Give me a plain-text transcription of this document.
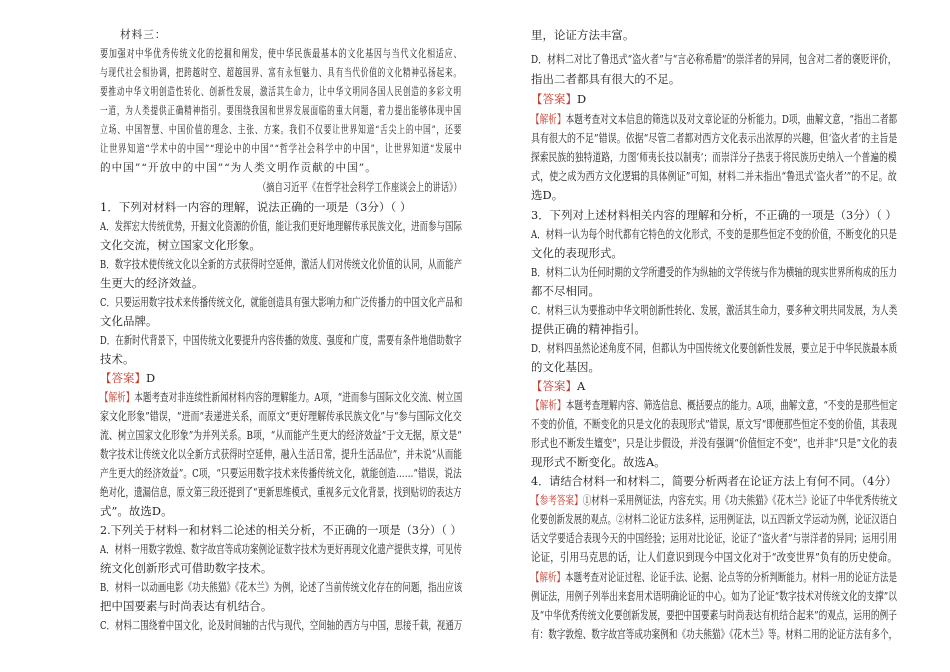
材料三：
要加强对中华优秀传统文化的挖掘和阐发，使中华民族最基本的文化基因与当代文化相适应、
与现代社会相协调，把跨越时空、超越国界、富有永恒魅力、具有当代价值的文化精神弘扬起来。
要推动中华文明创造性转化、创新性发展，激活其生命力，让中华文明同各国人民创造的多彩文明
一道，为人类提供正确精神指引。要围绕我国和世界发展面临的重大问题，着力提出能够体现中国
立场、中国智慧、中国价值的理念、主张、方案。我们不仅要让世界知道“舌尖上的中国”，还要
让世界知道“学术中的中国”“理论中的中国”“哲学社会科学中的中国”，让世界知道“发展中
的中国”“开放中的中国”“为人类文明作贡献的中国”。
（摘自习近平《在哲学社会科学工作座谈会上的讲话》）
1．下列对材料一内容的理解，说法正确的一项是（3分）（ ）
A．发挥宏大传统优势，开掘文化资源的价值，能让我们更好地理解传承民族文化，进而参与国际
文化交流，树立国家文化形象。
B．数字技术使传统文化以全新的方式获得时空延伸，激活人们对传统文化价值的认同，从而能产
生更大的经济效益。
C．只要运用数字技术来传播传统文化，就能创造具有强大影响力和广泛传播力的中国文化产品和
文化品牌。
D．在新时代背景下，中国传统文化要提升内容传播的效度、强度和广度，需要有条件地借助数字
技术。
【答案】D
【解析】本题考查对非连续性新闻材料内容的理解能力。A项，“进而参与国际文化交流、树立国
家文化形象”错误，“进而”表递进关系，而原文“更好理解传承民族文化”与“参与国际文化交
流、树立国家文化形象”为并列关系。B项，“从而能产生更大的经济效益”于文无据，原文是“
数字技术让传统文化以全新方式获得时空延伸，融入生活日常，提升生活品位”，并未说“从而能
产生更大的经济效益”。C项，“只要运用数字技术来传播传统文化，就能创造……”错误，说法
绝对化，遗漏信息，原文第三段还提到了“更新思维模式，重视多元文化背景，找到贴切的表达方
式”。故选D。
2.下列关于材料一和材料二论述的相关分析，不正确的一项是（3分）（ ）
A．材料一用数字敦煌、数字故宫等成功案例论证数字技术为更好再现文化遗产提供支撑，可见传
统文化创新形式可借助数字技术。
B．材料一以动画电影《功夫熊猫》《花木兰》为例，论述了当前传统文化存在的问题，指出应该
把中国要素与时尚表达有机结合。
C．材料二围绕着中国文化，论及时间轴的古代与现代，空间轴的西方与中国，思接千载，视通万
里，论证方法丰富。
D．材料二对比了鲁迅式“盗火者”与“言必称希腊”的崇洋者的异同，包含对二者的褒贬评价，
指出二者都具有很大的不足。
【答案】D
【解析】本题考查对文本信息的筛选以及对文章论证的分析能力。D项，曲解文意，“指出二者都
具有很大的不足”错误。依据“尽管二者都对西方文化表示出浓厚的兴趣，但‘盗火者’的主旨是
探索民族的独特道路，力图‘师夷长技以制夷’；而崇洋分子热衷于将民族历史纳入一个普遍的模
式，使之成为西方文化逻辑的具体例证”可知，材料二并未指出“鲁迅式‘盗火者’”的不足。故
选D。
3．下列对上述材料相关内容的理解和分析，不正确的一项是（3分）（ ）
A．材料一认为每个时代都有它特色的文化形式，不变的是那些恒定不变的价值，不断变化的只是
文化的表现形式。
B．材料二认为任何时期的文学所遭受的作为纵轴的文学传统与作为横轴的现实世界所构成的压力
都不尽相同。
C．材料三认为要推动中华文明创新性转化、发展，激活其生命力，要多种文明共同发展，为人类
提供正确的精神指引。
D．材料四虽然论述角度不同，但都认为中国传统文化要创新性发展，要立足于中华民族最本质
的文化基因。
【答案】A
【解析】本题考查理解内容、筛选信息、概括要点的能力。A项，曲解文意，“不变的是那些恒定
不变的价值，不断变化的只是文化的表现形式”错误，原文写“即便那些恒定不变的价值，其表现
形式也不断发生嬗变”，只是让步假设，并没有强调“价值恒定不变”，也并非“只是”文化的表
现形式不断变化。故选A。
4．请结合材料一和材料二，简要分析两者在论证方法上有何不同。（4分）
【参考答案】①材料一采用例证法，内容充实。用《功夫熊猫》《花木兰》论证了中华优秀传统文
化要创新发展的观点。②材料二论证方法多样，运用例证法，以五四新文学运动为例，论证汉语白
话文学要适合表现今天的中国经验；运用对比论证，论证了“盗火者”与崇洋者的异同；运用引用
论证，引用马克思的话，让人们意识到现今中国文化对于“改变世界”负有的历史使命。
【解析】本题考查对论证过程、论证手法、论据、论点等的分析判断能力。材料一用的论证方法是
例证法，用例子列举出来套用术语明确论证的中心。如为了论证“数字技术对传统文化的支撑”以
及“中华优秀传统文化要创新发展，要把中国要素与时尚表达有机结合起来”的观点，运用的例子
有：数字敦煌、数字故宫等成功案例和《功夫熊猫》《花木兰》等。材料二用的论证方法有多个，
